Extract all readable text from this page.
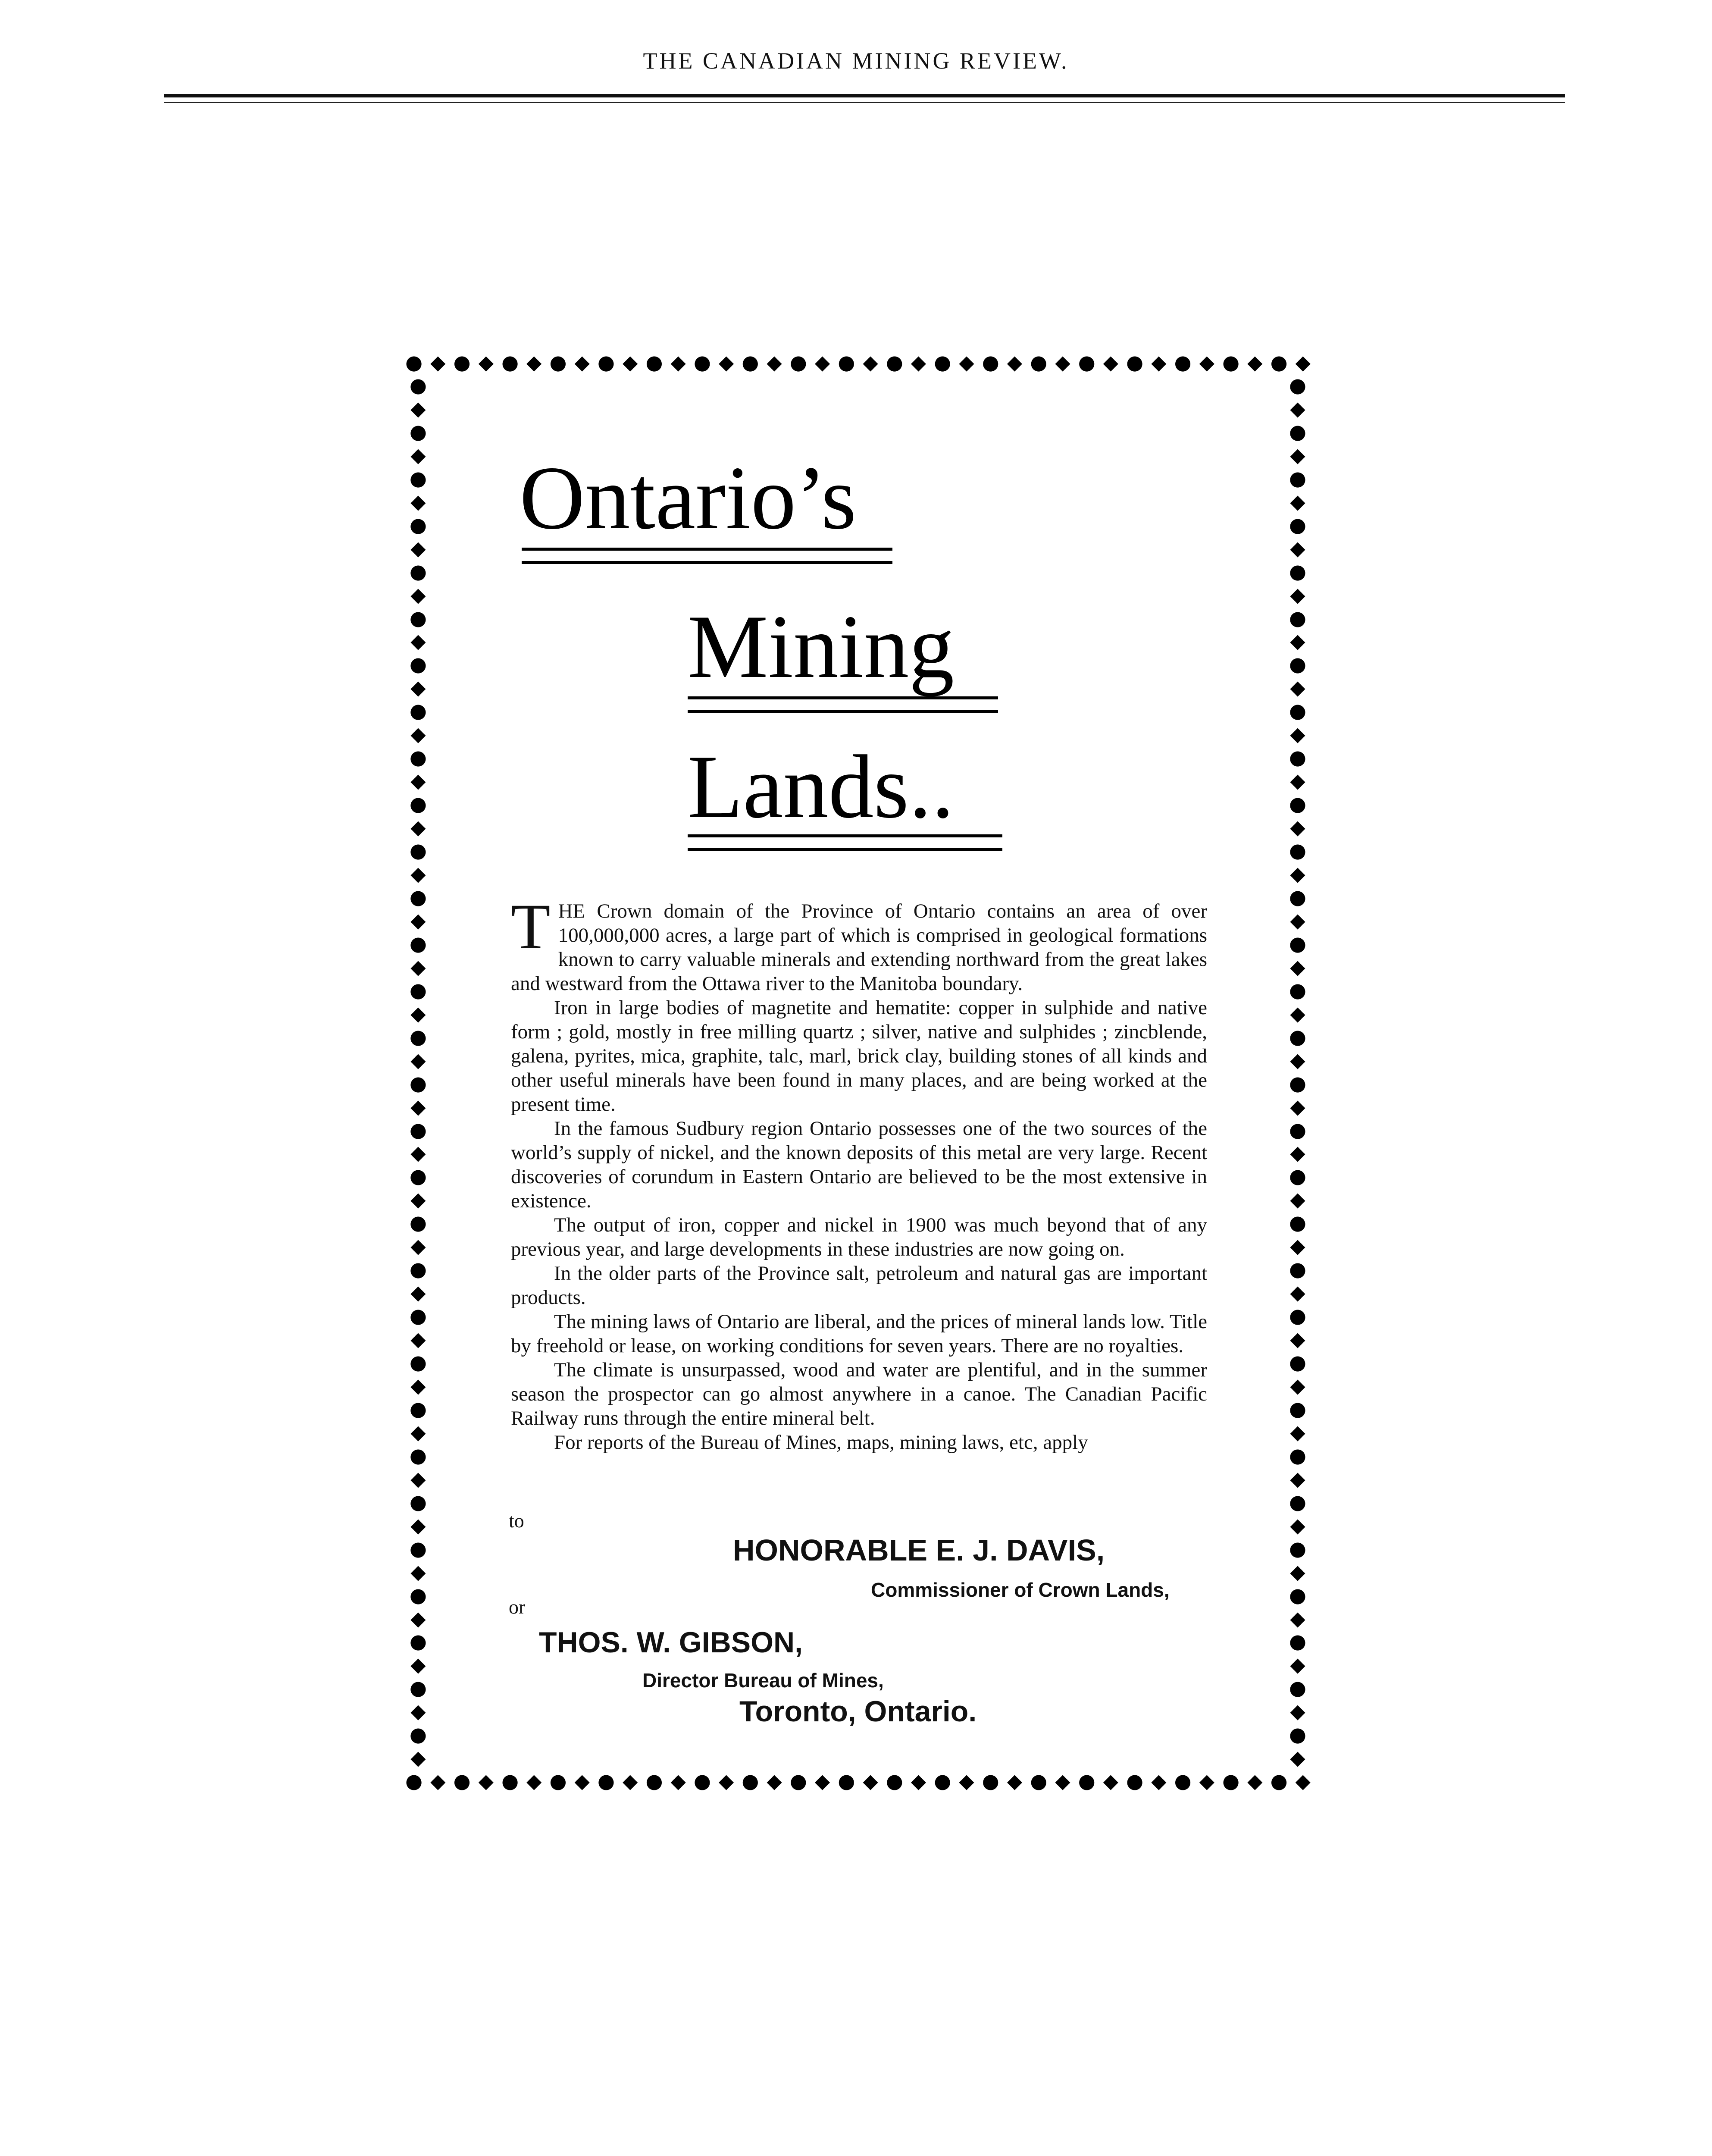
THE CANADIAN MINING REVIEW.
● ◆ ● ◆ ● ◆ ● ◆ ● ◆ ● ◆ ● ◆ ● ◆ ● ◆ ● ◆ ● ◆ ● ◆ ● ◆ ● ◆ ● ◆ ● ◆ ● ◆ ● ◆ ● ◆
● ◆ ● ◆ ● ◆ ● ◆ ● ◆ ● ◆ ● ◆ ● ◆ ● ◆ ● ◆ ● ◆ ● ◆ ● ◆ ● ◆ ● ◆ ● ◆ ● ◆ ● ◆ ● ◆
●
◆
●
◆
●
◆
●
◆
●
◆
●
◆
●
◆
●
◆
●
◆
●
◆
●
◆
●
◆
●
◆
●
◆
●
◆
●
◆
●
◆
●
◆
●
◆
●
◆
●
◆
●
◆
●
◆
●
◆
●
◆
●
◆
●
◆
●
◆
●
◆
●
◆
●
◆
●
◆
●
◆
●
◆
●
◆
●
◆
●
◆
●
◆
●
◆
●
◆
●
◆
●
◆
●
◆
●
◆
●
◆
●
◆
●
◆
●
◆
●
◆
●
◆
●
◆
●
◆
●
◆
●
◆
●
◆
●
◆
●
◆
●
◆
●
◆
●
◆
Ontario’s
Mining
Lands..

THE Crown domain of the Province of Ontario contains an area of over 100,000,000 acres, a large part of which is comprised in geological formations known to carry valuable minerals and extending northward from the great lakes and westward from the Ottawa river to the Manitoba boundary.

Iron in large bodies of magnetite and hematite: copper in sulphide and native form ; gold, mostly in free milling quartz ; silver, native and sulphides ; zincblende, galena, pyrites, mica, graphite, talc, marl, brick clay, building stones of all kinds and other useful minerals have been found in many places, and are being worked at the present time.

In the famous Sudbury region Ontario possesses one of the two sources of the world’s supply of nickel, and the known deposits of this metal are very large. Recent discoveries of corundum in Eastern Ontario are believed to be the most extensive in existence.

The output of iron, copper and nickel in 1900 was much beyond that of any previous year, and large developments in these industries are now going on.

In the older parts of the Province salt, petroleum and natural gas are important products.

The mining laws of Ontario are liberal, and the prices of mineral lands low. Title by freehold or lease, on working conditions for seven years. There are no royalties.

The climate is unsurpassed, wood and water are plentiful, and in the summer season the prospector can go almost anywhere in a canoe. The Canadian Pacific Railway runs through the entire mineral belt.

For reports of the Bureau of Mines, maps, mining laws, etc, apply

to
HONORABLE E. J. DAVIS,
Commissioner of Crown Lands,
or
THOS. W. GIBSON,
Director Bureau of Mines,
Toronto, Ontario.
